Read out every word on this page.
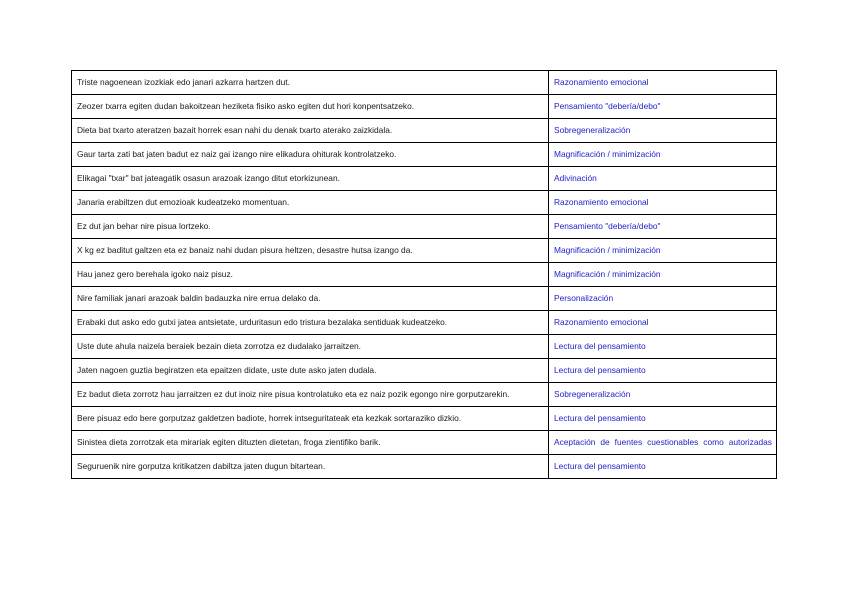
Triste nagoenean izozkiak edo janari azkarra hartzen dut.	Razonamiento emocional
Zeozer txarra egiten dudan bakoitzean heziketa fisiko asko egiten dut hori konpentsatzeko.	Pensamiento "debería/debo"
Dieta bat txarto ateratzen bazait horrek esan nahi du denak txarto aterako zaizkidala.	Sobregeneralización
Gaur tarta zati bat jaten badut ez naiz gai izango nire elikadura ohiturak kontrolatzeko.	Magnificación / minimización
Elikagai "txar" bat jateagatik osasun arazoak izango ditut etorkizunean.	Adivinación
Janaria erabiltzen dut emozioak kudeatzeko momentuan.	Razonamiento emocional
Ez dut jan behar nire pisua lortzeko.	Pensamiento "debería/debo"
X kg ez baditut galtzen eta ez banaiz nahi dudan pisura heltzen, desastre hutsa izango da.	Magnificación / minimización
Hau janez gero berehala igoko naiz pisuz.	Magnificación / minimización
Nire familiak janari arazoak baldin badauzka nire errua delako da.	Personalización
Erabaki dut asko edo gutxi jatea antsietate, urduritasun edo tristura bezalaka sentiduak kudeatzeko.	Razonamiento emocional
Uste dute ahula naizela beraiek bezain dieta zorrotza ez dudalako jarraitzen.	Lectura del pensamiento
Jaten nagoen guztia begiratzen eta epaitzen didate, uste dute asko jaten dudala.	Lectura del pensamiento
Ez badut dieta zorrotz hau jarraitzen ez dut inoiz nire pisua kontrolatuko eta ez naiz pozik egongo nire gorputzarekin.	Sobregeneralización
Bere pisuaz edo bere gorputzaz galdetzen badiote, horrek intseguritateak eta kezkak sortaraziko dizkio.	Lectura del pensamiento
Sinistea dieta zorrotzak eta mirariak egiten dituzten dietetan, froga zientifiko barik.	Aceptación de fuentes cuestionables como autorizadas
Seguruenik nire gorputza kritikatzen dabiltza jaten dugun bitartean.	Lectura del pensamiento
